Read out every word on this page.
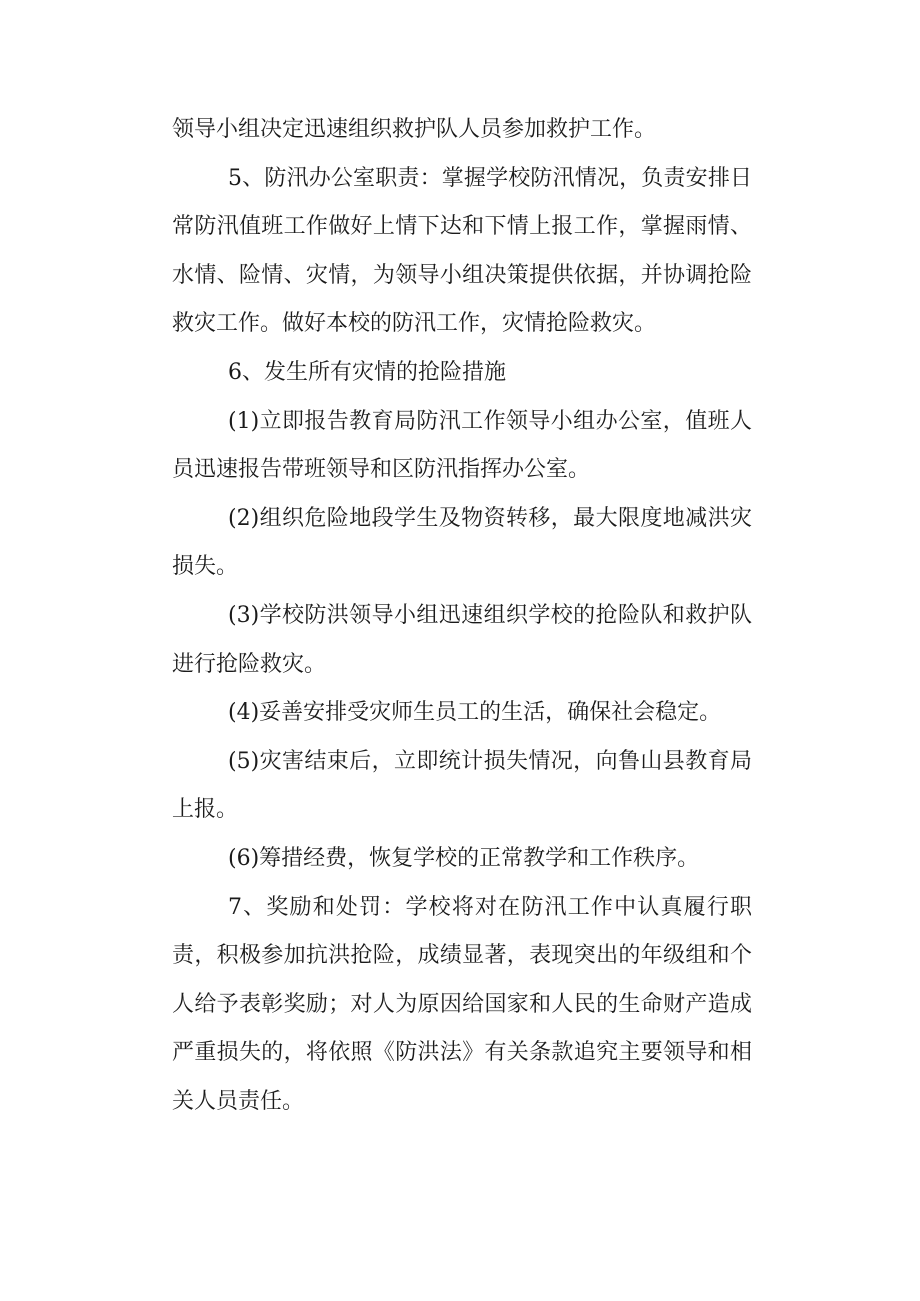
领导小组决定迅速组织救护队人员参加救护工作。

5、防汛办公室职责：掌握学校防汛情况，负责安排日常防汛值班工作做好上情下达和下情上报工作，掌握雨情、水情、险情、灾情，为领导小组决策提供依据，并协调抢险救灾工作。做好本校的防汛工作，灾情抢险救灾。

6、发生所有灾情的抢险措施

(1)立即报告教育局防汛工作领导小组办公室，值班人员迅速报告带班领导和区防汛指挥办公室。

(2)组织危险地段学生及物资转移，最大限度地减洪灾损失。

(3)学校防洪领导小组迅速组织学校的抢险队和救护队进行抢险救灾。

(4)妥善安排受灾师生员工的生活，确保社会稳定。

(5)灾害结束后，立即统计损失情况，向鲁山县教育局上报。

(6)筹措经费，恢复学校的正常教学和工作秩序。

7、奖励和处罚：学校将对在防汛工作中认真履行职责，积极参加抗洪抢险，成绩显著，表现突出的年级组和个人给予表彰奖励；对人为原因给国家和人民的生命财产造成严重损失的，将依照《防洪法》有关条款追究主要领导和相关人员责任。
